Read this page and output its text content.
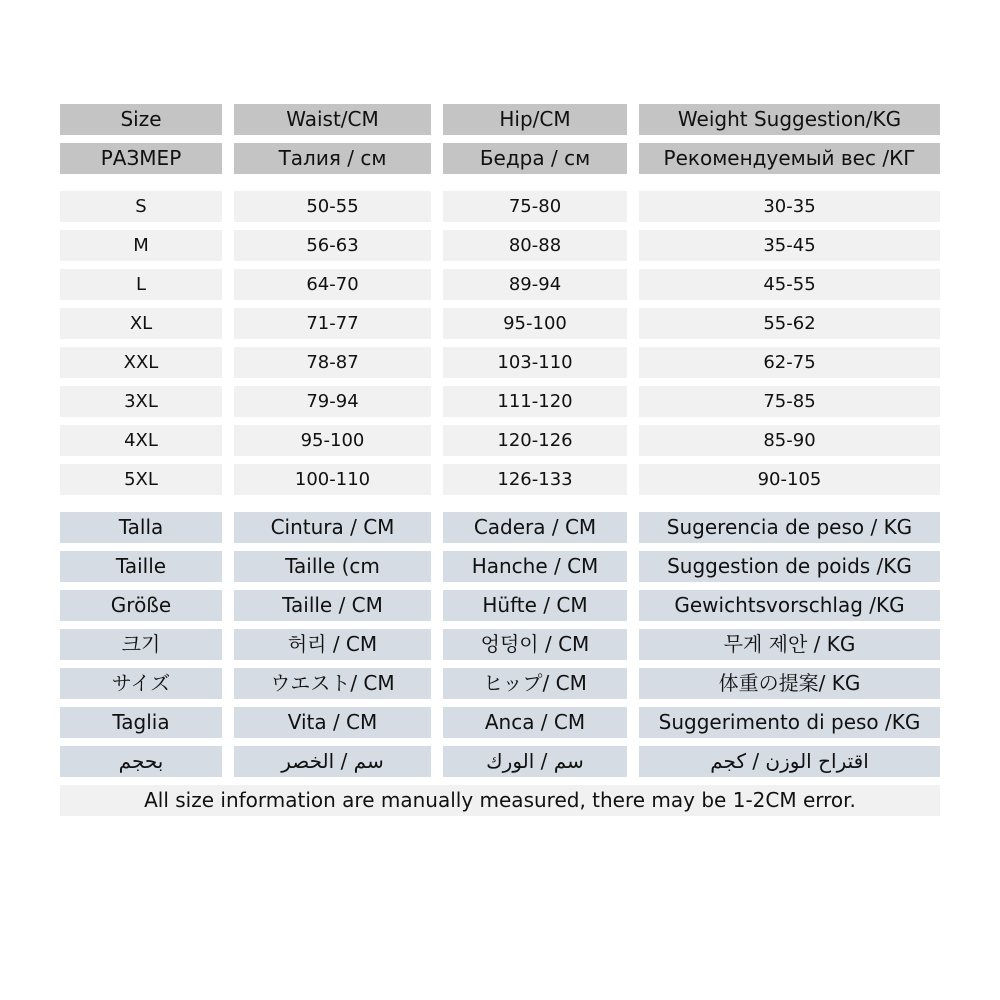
Size	Waist/CM	Hip/CM	Weight Suggestion/KG
РАЗМЕР	Талия / см	Бедра / см	Рекомендуемый вес /КГ
S	50-55	75-80	30-35
M	56-63	80-88	35-45
L	64-70	89-94	45-55
XL	71-77	95-100	55-62
XXL	78-87	103-110	62-75
3XL	79-94	111-120	75-85
4XL	95-100	120-126	85-90
5XL	100-110	126-133	90-105
Talla	Cintura / CM	Cadera / CM	Sugerencia de peso / KG
Taille	Taille (cm	Hanche / CM	Suggestion de poids /KG
Größe	Taille / CM	Hüfte / CM	Gewichtsvorschlag /KG
크기	허리 / CM	엉덩이 / CM	무게 제안 / KG
サイズ	ウエスト/ CM	ヒップ/ CM	体重の提案/ KG
Taglia	Vita / CM	Anca / CM	Suggerimento di peso /KG
بحجم	سم / الخصر	سم / الورك	اقتراح الوزن / كجم
All size information are manually measured, there may be 1-2CM error.
